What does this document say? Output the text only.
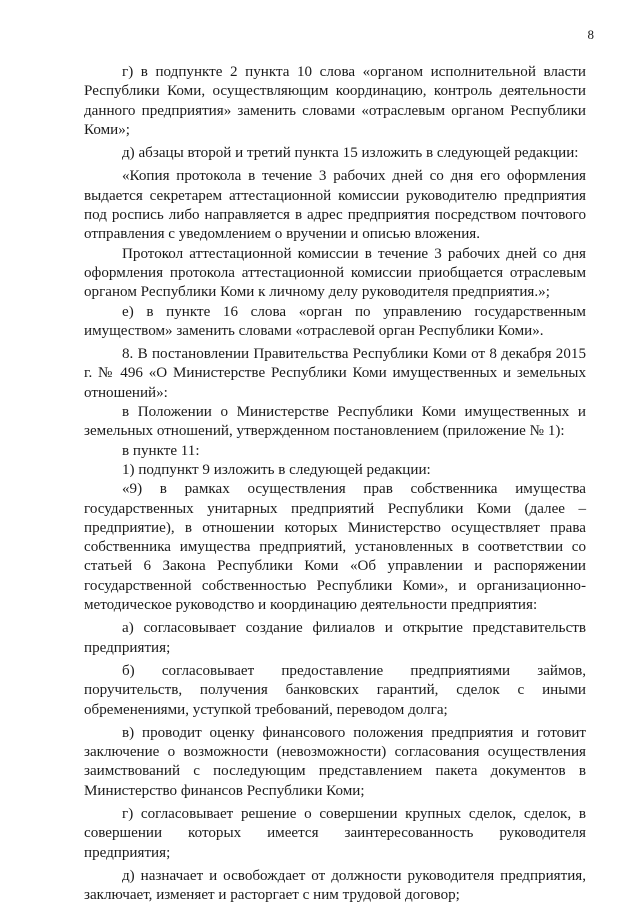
8

г) в подпункте 2 пункта 10 слова «органом исполнительной власти Республики Коми, осуществляющим координацию, контроль деятельности данного предприятия» заменить словами «отраслевым органом Республики Коми»;

д) абзацы второй и третий пункта 15 изложить в следующей редакции:

«Копия протокола в течение 3 рабочих дней со дня его оформления выдается секретарем аттестационной комиссии руководителю предприятия под роспись либо направляется в адрес предприятия посредством почтового отправления с уведомлением о вручении и описью вложения.

Протокол аттестационной комиссии в течение 3 рабочих дней со дня оформления протокола аттестационной комиссии приобщается отраслевым органом Республики Коми к личному делу руководителя предприятия.»;

е) в пункте 16 слова «орган по управлению государственным имуществом» заменить словами «отраслевой орган Республики Коми».

8. В постановлении Правительства Республики Коми от 8 декабря 2015 г. № 496 «О Министерстве Республики Коми имущественных и земельных отношений»:

в Положении о Министерстве Республики Коми имущественных и земельных отношений, утвержденном постановлением (приложение № 1):

в пункте 11:

1) подпункт 9 изложить в следующей редакции:

«9) в рамках осуществления прав собственника имущества государственных унитарных предприятий Республики Коми (далее – предприятие), в отношении которых Министерство осуществляет права собственника имущества предприятий, установленных в соответствии со статьей 6 Закона Республики Коми «Об управлении и распоряжении государственной собственностью Республики Коми», и организационно-методическое руководство и координацию деятельности предприятия:

а) согласовывает создание филиалов и открытие представительств предприятия;

б) согласовывает предоставление предприятиями займов, поручительств, получения банковских гарантий, сделок с иными обременениями, уступкой требований, переводом долга;

в) проводит оценку финансового положения предприятия и готовит заключение о возможности (невозможности) согласования осуществления заимствований с последующим представлением пакета документов в Министерство финансов Республики Коми;

г) согласовывает решение о совершении крупных сделок, сделок, в совершении которых имеется заинтересованность руководителя предприятия;

д) назначает и освобождает от должности руководителя предприятия, заключает, изменяет и расторгает с ним трудовой договор;
